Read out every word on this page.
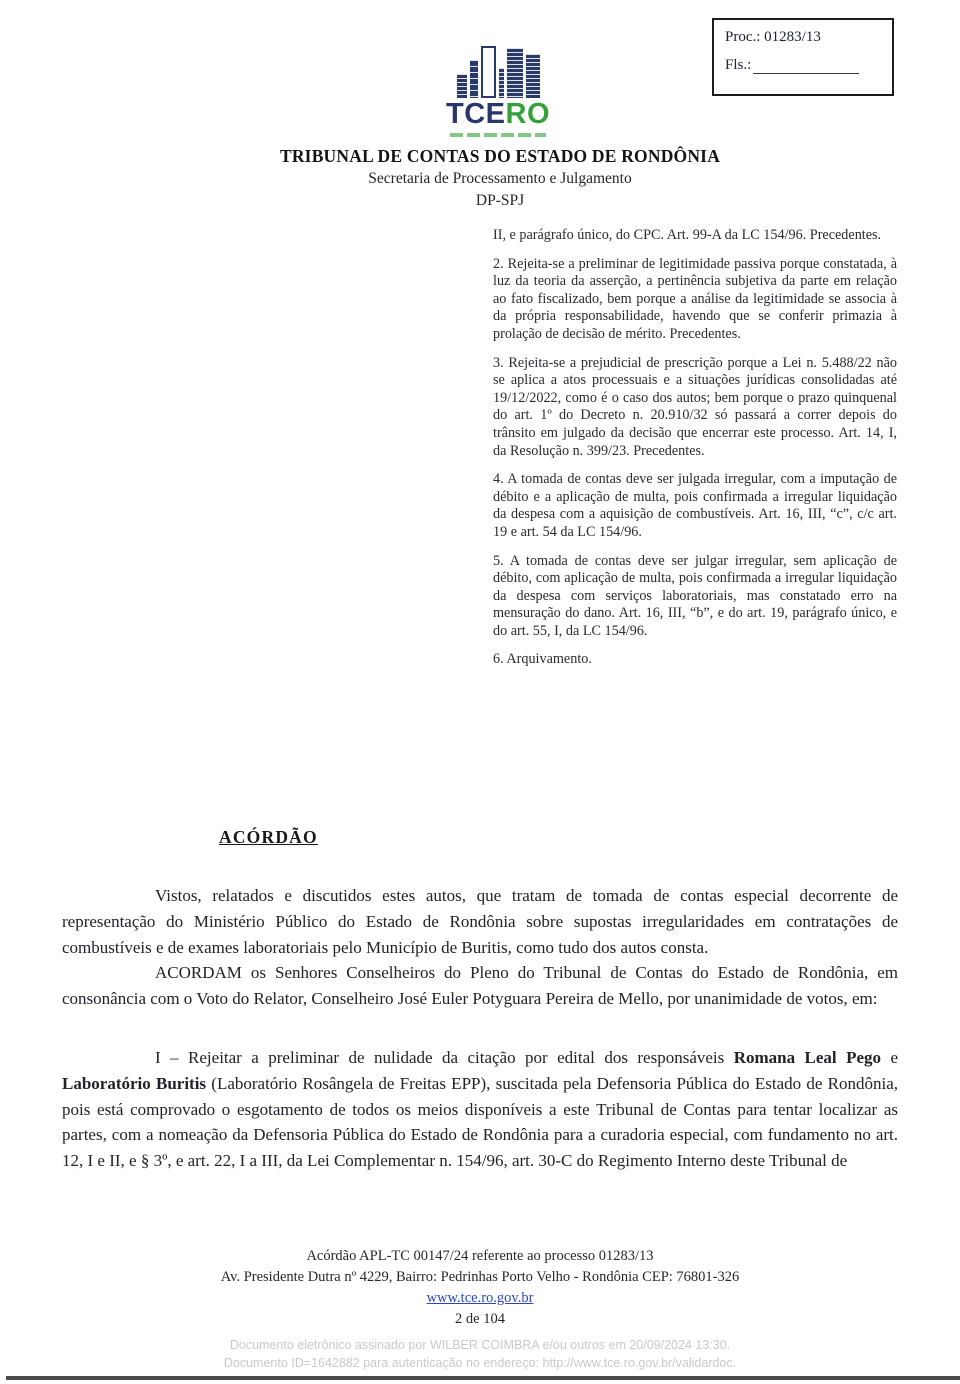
Proc.: 01283/13

Fls.:

TCERO

TRIBUNAL DE CONTAS DO ESTADO DE RONDÔNIA

Secretaria de Processamento e Julgamento

DP-SPJ

II, e parágrafo único, do CPC. Art. 99-A da LC 154/96. Precedentes.

2. Rejeita-se a preliminar de legitimidade passiva porque constatada, à luz da teoria da asserção, a pertinência subjetiva da parte em relação ao fato fiscalizado, bem porque a análise da legitimidade se associa à da própria responsabilidade, havendo que se conferir primazia à prolação de decisão de mérito. Precedentes.

3. Rejeita-se a prejudicial de prescrição porque a Lei n. 5.488/22 não se aplica a atos processuais e a situações jurídicas consolidadas até 19/12/2022, como é o caso dos autos; bem porque o prazo quinquenal do art. 1º do Decreto n. 20.910/32 só passará a correr depois do trânsito em julgado da decisão que encerrar este processo. Art. 14, I, da Resolução n. 399/23. Precedentes.

4. A tomada de contas deve ser julgada irregular, com a imputação de débito e a aplicação de multa, pois confirmada a irregular liquidação da despesa com a aquisição de combustíveis. Art. 16, III, “c”, c/c art. 19 e art. 54 da LC 154/96.

5. A tomada de contas deve ser julgar irregular, sem aplicação de débito, com aplicação de multa, pois confirmada a irregular liquidação da despesa com serviços laboratoriais, mas constatado erro na mensuração do dano. Art. 16, III, “b”, e do art. 19, parágrafo único, e do art. 55, I, da LC 154/96.

6. Arquivamento.

ACÓRDÃO

Vistos, relatados e discutidos estes autos, que tratam de tomada de contas especial decorrente de representação do Ministério Público do Estado de Rondônia sobre supostas irregularidades em contratações de combustíveis e de exames laboratoriais pelo Município de Buritis, como tudo dos autos consta.

ACORDAM os Senhores Conselheiros do Pleno do Tribunal de Contas do Estado de Rondônia, em consonância com o Voto do Relator, Conselheiro José Euler Potyguara Pereira de Mello, por unanimidade de votos, em:

I – Rejeitar a preliminar de nulidade da citação por edital dos responsáveis Romana Leal Pego e Laboratório Buritis (Laboratório Rosângela de Freitas EPP), suscitada pela Defensoria Pública do Estado de Rondônia, pois está comprovado o esgotamento de todos os meios disponíveis a este Tribunal de Contas para tentar localizar as partes, com a nomeação da Defensoria Pública do Estado de Rondônia para a curadoria especial, com fundamento no art. 12, I e II, e § 3º, e art. 22, I a III, da Lei Complementar n. 154/96, art. 30-C do Regimento Interno deste Tribunal de

Acórdão APL-TC 00147/24 referente ao processo 01283/13

Av. Presidente Dutra nº 4229, Bairro: Pedrinhas Porto Velho - Rondônia CEP: 76801-326

www.tce.ro.gov.br

2 de 104

Documento eletrônico assinado por WILBER COIMBRA e/ou outros em 20/09/2024 13:30.

Documento ID=1642882 para autenticação no endereço: http://www.tce.ro.gov.br/validardoc.
